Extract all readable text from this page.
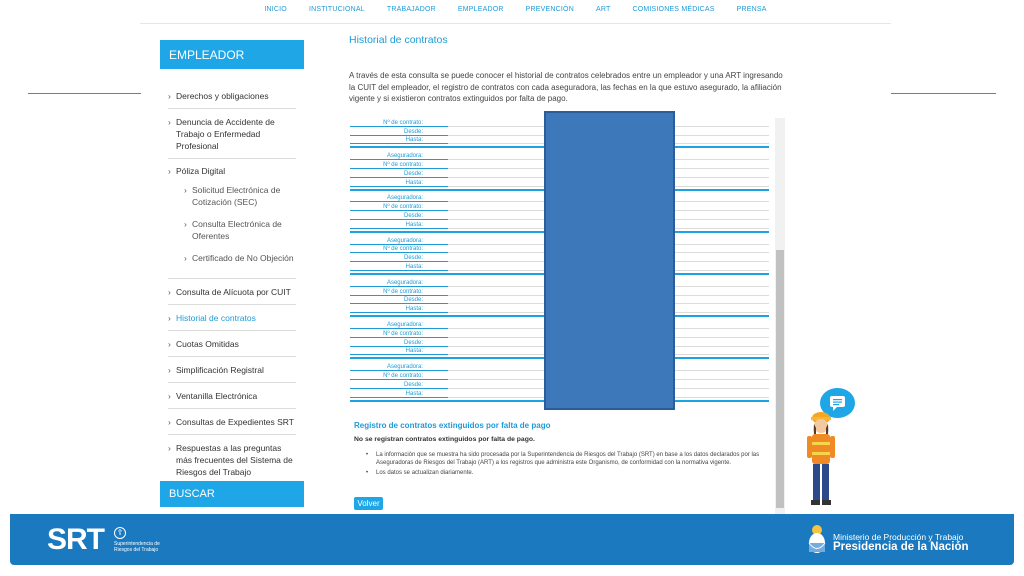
INICIO	INSTITUCIONAL	TRABAJADOR	EMPLEADOR	PREVENCIÓN	ART	COMISIONES MÉDICAS	PRENSA
EMPLEADOR
› Derechos y obligaciones
› Denuncia de Accidente de Trabajo o Enfermedad Profesional
› Póliza Digital
› Solicitud Electrónica de Cotización (SEC)
› Consulta Electrónica de Oferentes
› Certificado de No Objeción
› Consulta de Alícuota por CUIT
› Historial de contratos
› Cuotas Omitidas
› Simplificación Registral
› Ventanilla Electrónica
› Consultas de Expedientes SRT
› Respuestas a las preguntas más frecuentes del Sistema de Riesgos del Trabajo
BUSCAR
Historial de contratos

A través de esta consulta se puede conocer el historial de contratos celebrados entre un empleador y una ART ingresando la CUIT del empleador, el registro de contratos con cada aseguradora, las fechas en la que estuvo asegurado, la afiliación vigente y si existieron contratos extinguidos por falta de pago.

Nº de contrato:
Desde:
Hasta:
Aseguradora:
Nº de contrato:
Desde:
Hasta:
Aseguradora:
Nº de contrato:
Desde:
Hasta:
Aseguradora:
Nº de contrato:
Desde:
Hasta:
Aseguradora:
Nº de contrato:
Desde:
Hasta:
Aseguradora:
Nº de contrato:
Desde:
Hasta:
Aseguradora:
Nº de contrato:
Desde:
Hasta:
Registro de contratos extinguidos por falta de pago
No se registran contratos extinguidos por falta de pago.
•	La información que se muestra ha sido procesada por la Superintendencia de Riesgos del Trabajo (SRT) en base a los datos declarados por las Aseguradoras de Riesgos del Trabajo (ART) a los registros que administra este Organismo, de conformidad con la normativa vigente.
•	Los datos se actualizan diariamente.
Volver
SRT	☦
Superintendencia de
Riesgos del Trabajo
Ministerio de Producción y Trabajo
Presidencia de la Nación
